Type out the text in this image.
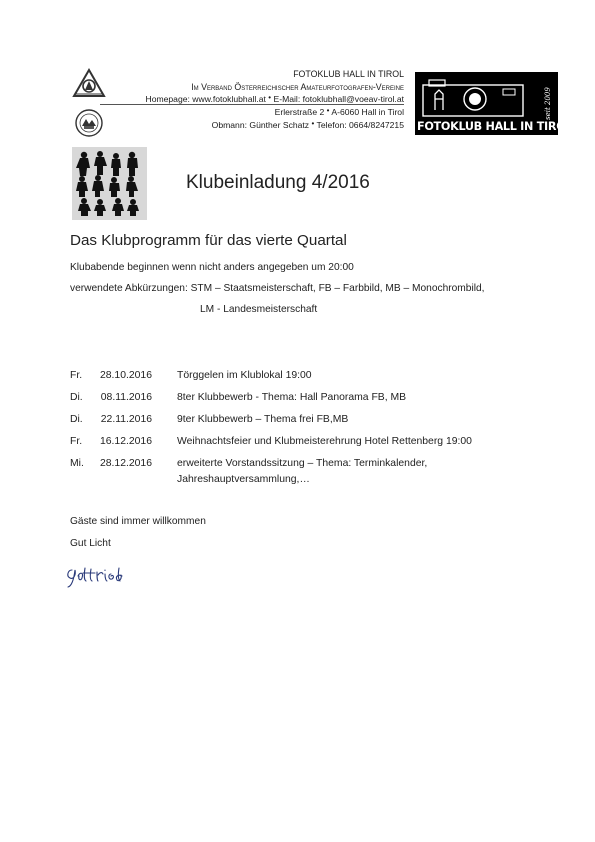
FOTOKLUB HALL IN TIROL
Im Verband Österreichischer Amateurfotografen-Vereine
Homepage: www.fotoklubhall.at • E-Mail: fotoklubhall@voeav-tirol.at
Erlerstraße 2 • A-6060 Hall in Tirol
Obmann: Günther Schatz • Telefon: 0664/8247215
seit 2009
FOTOKLUB HALL IN TIROL
Klubeinladung 4/2016
Das Klubprogramm für das vierte Quartal
Klubabende beginnen wenn nicht anders angegeben um 20:00
verwendete Abkürzungen: STM – Staatsmeisterschaft, FB – Farbbild, MB – Monochrombild,
LM - Landesmeisterschaft
Fr.	28.10.2016 Törggelen im Klublokal 19:00
Di.	08.11.2016 8ter Klubbewerb - Thema: Hall Panorama FB, MB
Di.	22.11.2016 9ter Klubbewerb – Thema frei FB,MB
Fr.	16.12.2016 Weihnachtsfeier und Klubmeisterehrung Hotel Rettenberg 19:00
Mi.	28.12.2016 erweiterte Vorstandssitzung – Thema: Terminkalender,
Jahreshauptversammlung,…
Gäste sind immer willkommen
Gut Licht
